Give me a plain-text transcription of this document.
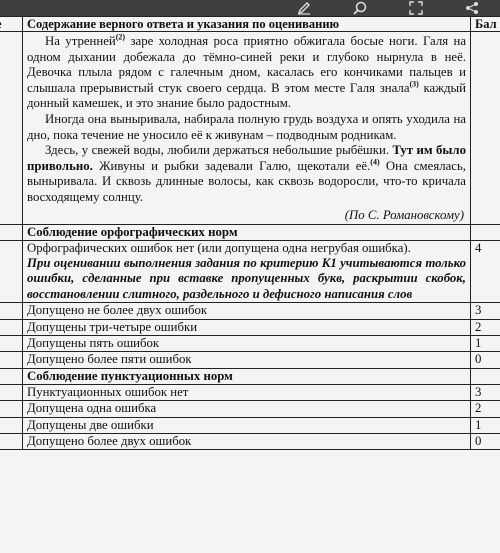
	Содержание верного ответа и указания по оцениванию	Бал

	На утренней$^{(2)}$ заре холодная роса приятно обжигала босые ноги. Галя на одном дыхании добежала до тёмно-синей реки и глубоко нырнула в неё. Девочка плыла рядом с галечным дном, касалась его кончиками пальцев и слышала прерывистый стук своего сердца. В этом месте Галя знала$^{(3)}$ каждый донный камешек, и это знание было радостным.

Иногда она выныривала, набирала полную грудь воздуха и опять уходила на дно, пока течение не уносило её к живунам – подводным родникам.

Здесь, у свежей воды, любили держаться небольшие рыбёшки. Тут им было привольно. Живуны и рыбки задевали Галю, щекотали её.$^{(4)}$ Она смеялась, выныривала. И сквозь длинные волосы, как сквозь водоросли, что-то кричала восходящему солнцу.

(По С. Романовскому)	

	Соблюдение орфографических норм	

	Орфографических ошибок нет (или допущена одна негрубая ошибка).

При оценивании выполнения задания по критерию К1 учитываются только ошибки, сделанные при вставке пропущенных букв, раскрытии скобок, восстановлении слитного, раздельного и дефисного написания слов	4
	Допущено не более двух ошибок	3
	Допущены три-четыре ошибки	2
	Допущены пять ошибок	1
	Допущено более пяти ошибок	0
	Соблюдение пунктуационных норм	
	Пунктуационных ошибок нет	3
	Допущена одна ошибка	2
	Допущены две ошибки	1
	Допущено более двух ошибок	0
